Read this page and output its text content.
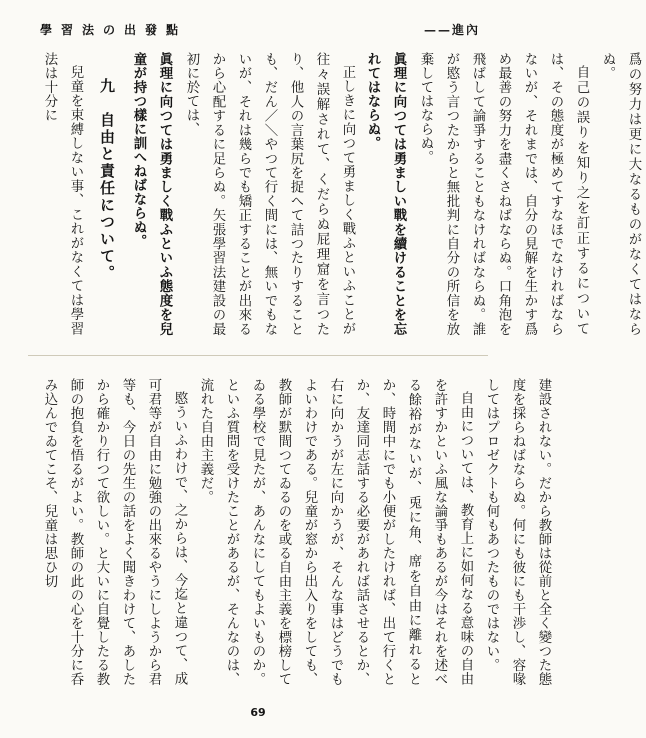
學習法の出發點	——進內

爲の努力は更に大なるものがなくてはならぬ。

自己の誤りを知り之を訂正するについては、その態度が極めてすなほでなければならないが、それまでは、自分の見解を生かす爲め最善の努力を盡くさねばならぬ。口角泡を飛ばして論爭することもなければならぬ。誰が愍う言つたからと無批判に自分の所信を放棄してはならぬ。

眞理に向つては勇ましい戰を續けることを忘れてはならぬ。

正しきに向つて勇ましく戰ふといふことが往々誤解されて、くだらぬ屁理窟を言つたり、他人の言葉尻を捉へて詰つたりすることも、だん／＼やつて行く間には、無いでもないが、それは幾らでも矯正することが出來るから心配するに足らぬ。矢張學習法建設の最初に於ては、

眞理に向つては勇ましく戰ふといふ態度を兒童が持つ樣に訓へねばならぬ。

九　自由と責任について。

兒童を束縛しない事、これがなくては學習法は十分に

建設されない。だから教師は從前と全く變つた態度を採らねばならぬ。何にも彼にも干渉し、容喙してはプロゼクトも何もあつたものではない。

自由については、教育上に如何なる意味の自由を許すかといふ風な論爭もあるが今はそれを述べる餘裕がないが、兎に角、席を自由に離れるとか、時間中にでも小便がしたければ、出て行くとか、友達同志話する必要があれば話させるとか、右に向かうが左に向かうが、そんな事はどうでもよいわけである。兒童が窓から出入りをしても、教師が默間つてゐるのを或る自由主義を標榜してゐる學校で見たが、あんなにしてもよいものか。といふ質問を受けたことがあるが、そんなのは、流れた自由主義だ。

愍ういふわけで、之からは、今迄と違つて、成可君等が自由に勉強の出來るやうにしようから君等も、今日の先生の話をよく聞きわけて、あしたから確かり行つて欲しい。と大いに自覺したる教師の抱負を悟るがよい。教師の此の心を十分に呑み込んでゐてこそ、兒童は思ひ切

69
